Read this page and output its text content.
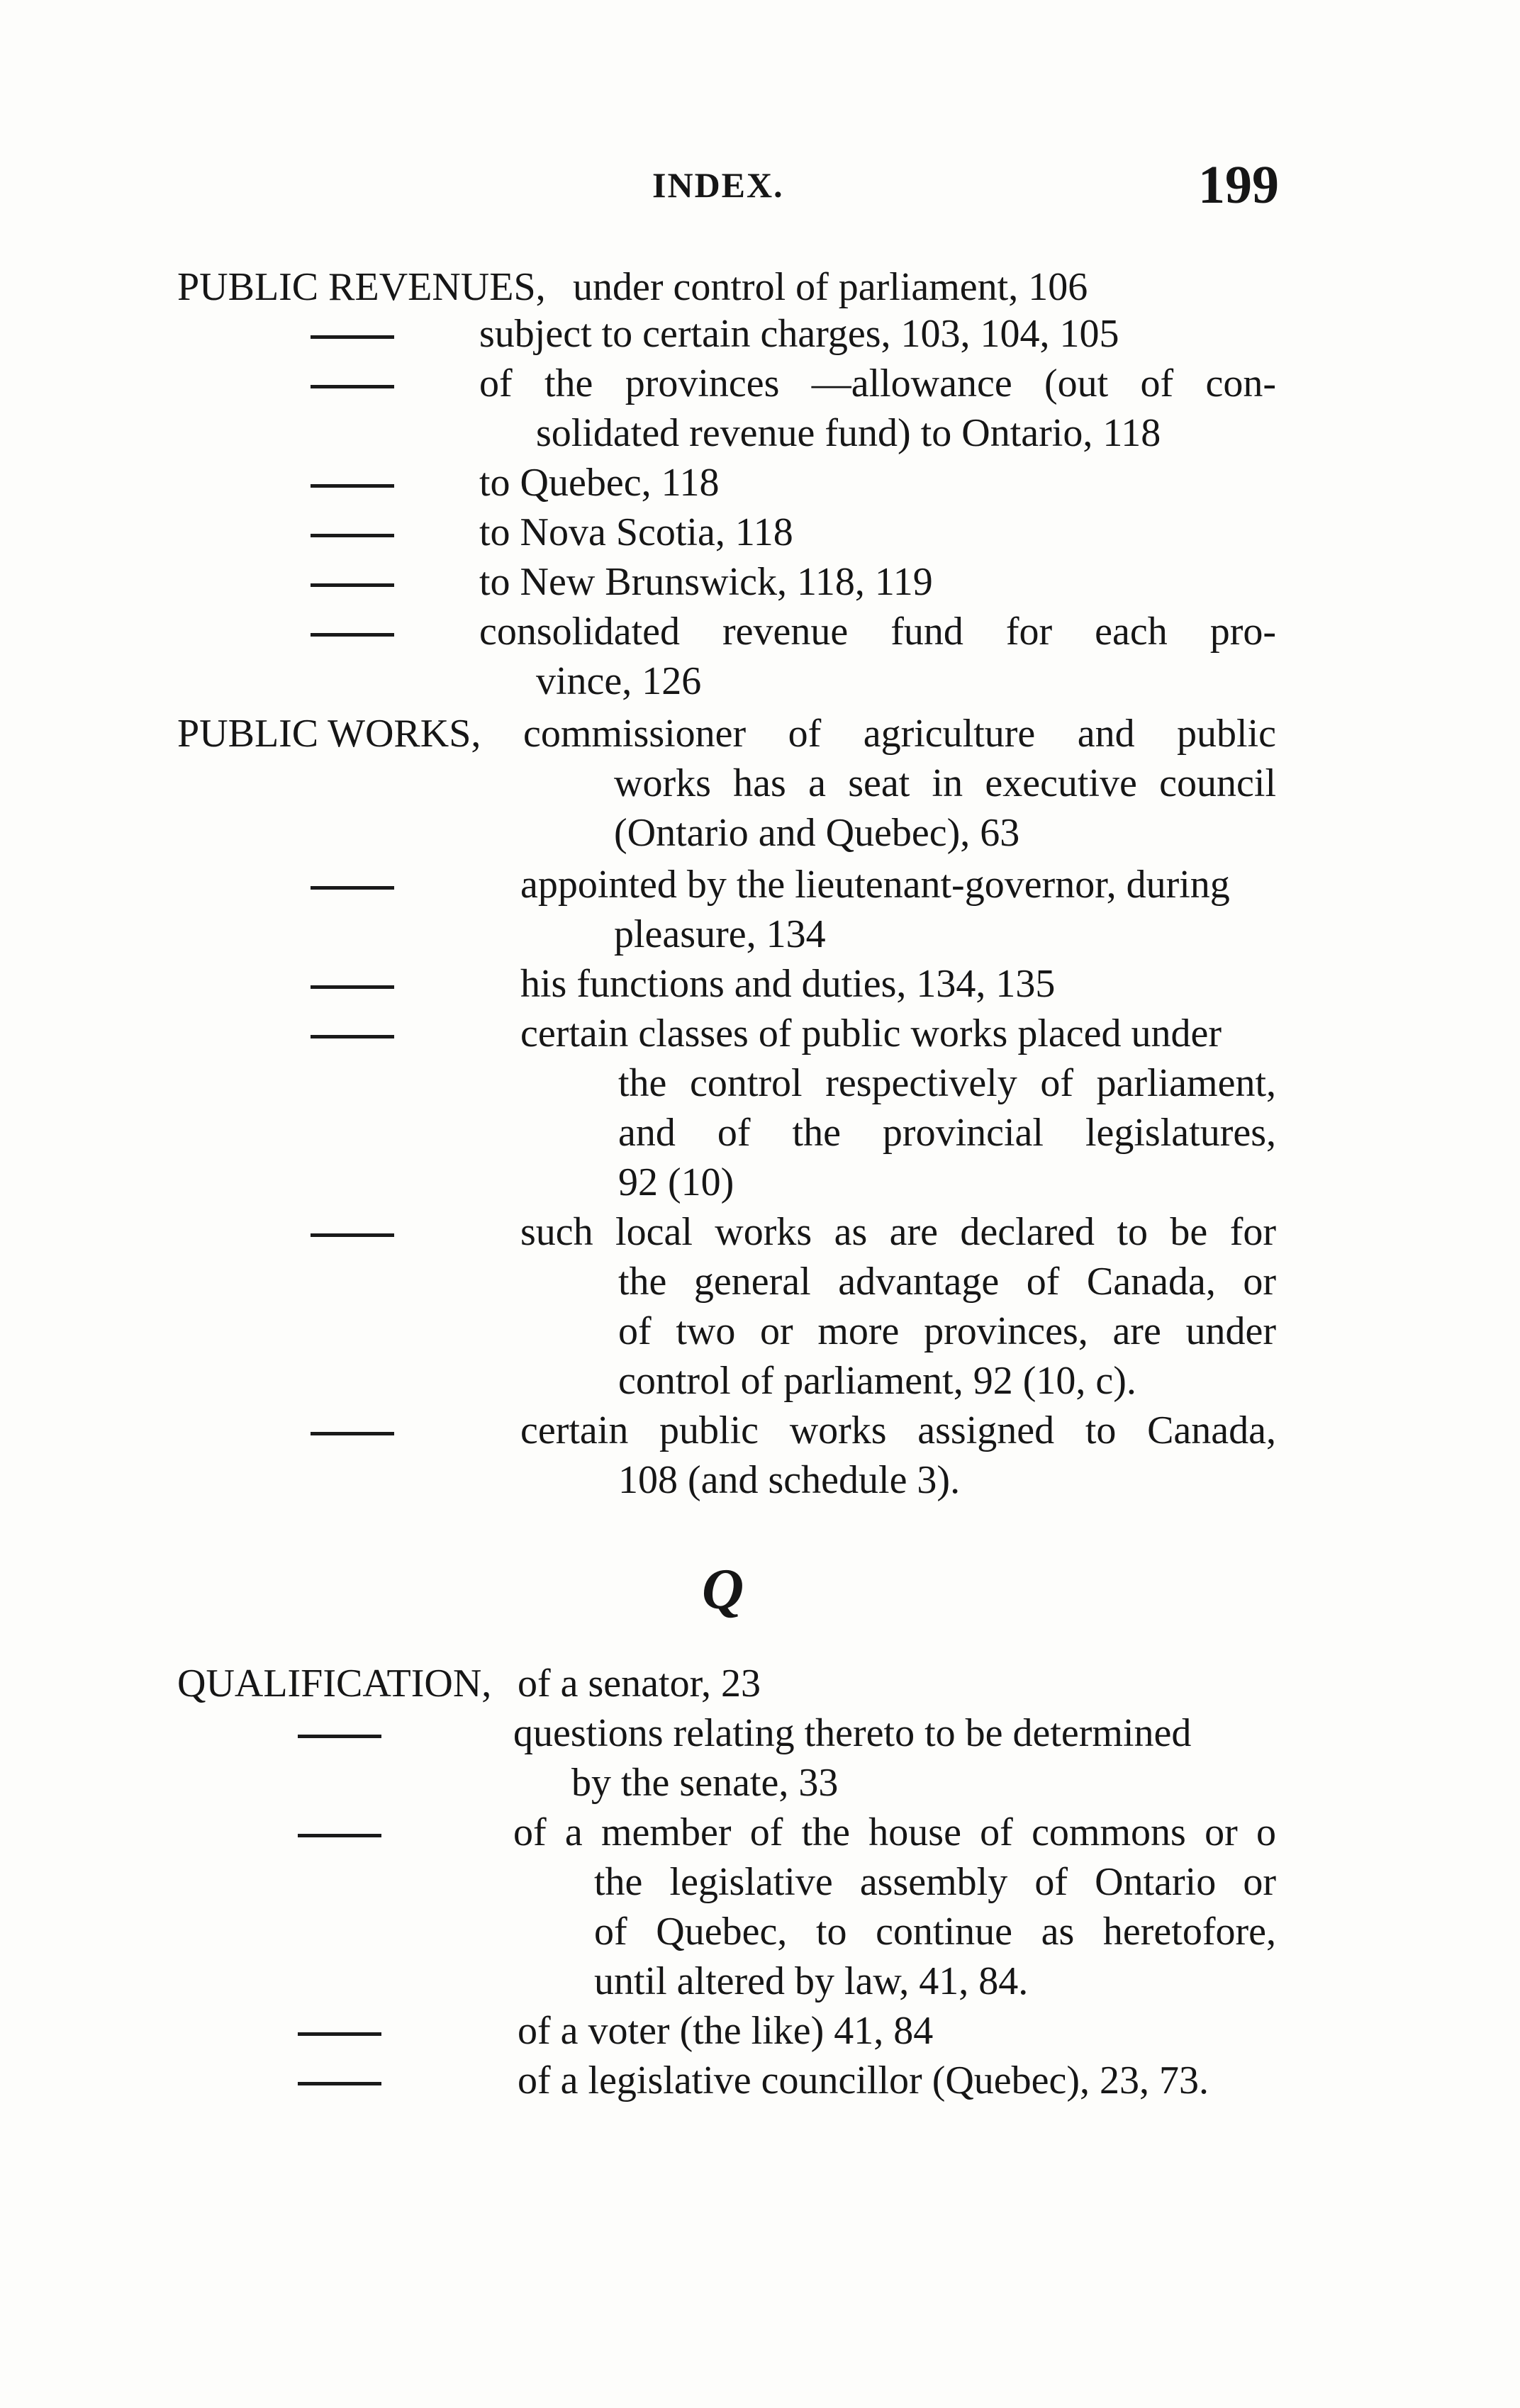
INDEX.	199
PUBLIC REVENUES, under control of parliament, 106
subject to certain charges, 103, 104, 105
of the provinces —allowance (out of con-
solidated revenue fund) to Ontario, 118
to Quebec, 118
to Nova Scotia, 118
to New Brunswick, 118, 119
consolidated revenue fund for each pro-
vince, 126
PUBLIC WORKS, commissioner of agriculture and public
works has a seat in executive council
(Ontario and Quebec), 63
appointed by the lieutenant-governor, during
pleasure, 134
his functions and duties, 134, 135
certain classes of public works placed under
the control respectively of parliament,
and of the provincial legislatures,
92 (10)
such local works as are declared to be for
the general advantage of Canada, or
of two or more provinces, are under
control of parliament, 92 (10, c).
certain public works assigned to Canada,
108 (and schedule 3).
Q
QUALIFICATION, of a senator, 23
questions relating thereto to be determined
by the senate, 33
of a member of the house of commons or o
the legislative assembly of Ontario or
of Quebec, to continue as heretofore,
until altered by law, 41, 84.
of a voter (the like) 41, 84
of a legislative councillor (Quebec), 23, 73.
